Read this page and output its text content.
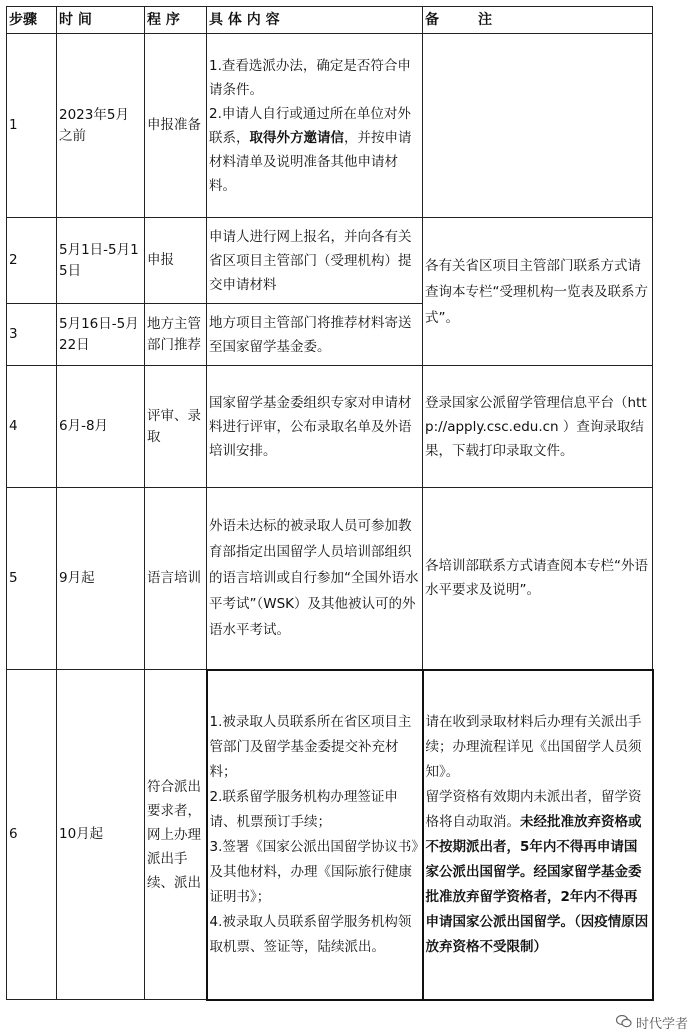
步骤	时 间	程 序	具 体 内 容	备        注
1	2023年5月之前	申报准备	1.查看选派办法，确定是否符合申请条件。
2.申请人自行或通过所在单位对外联系，取得外方邀请信，并按申请材料清单及说明准备其他申请材料。	
2	5月1日-5月15日	申报	申请人进行网上报名，并向各有关省区项目主管部门（受理机构）提交申请材料	各有关省区项目主管部门联系方式请查询本专栏“受理机构一览表及联系方式”。
3	5月16日-5月22日	地方主管部门推荐	地方项目主管部门将推荐材料寄送至国家留学基金委。	
4	6月-8月	评审、录取	国家留学基金委组织专家对申请材料进行评审，公布录取名单及外语培训安排。	登录国家公派留学管理信息平台（http://apply.csc.edu.cn ）查询录取结果，下载打印录取文件。
5	9月起	语言培训	外语未达标的被录取人员可参加教育部指定出国留学人员培训部组织的语言培训或自行参加“全国外语水平考试”（WSK）及其他被认可的外语水平考试。	各培训部联系方式请查阅本专栏“外语水平要求及说明”。
6	10月起	符合派出要求者，网上办理派出手续、派出	1.被录取人员联系所在省区项目主管部门及留学基金委提交补充材料；
2.联系留学服务机构办理签证申请、机票预订手续；
3.签署《国家公派出国留学协议书》及其他材料，办理《国际旅行健康证明书》；
4.被录取人员联系留学服务机构领取机票、签证等，陆续派出。	请在收到录取材料后办理有关派出手续；办理流程详见《出国留学人员须知》。
留学资格有效期内未派出者，留学资格将自动取消。未经批准放弃资格或不按期派出者，5年内不得再申请国家公派出国留学。经国家留学基金委批准放弃留学资格者，2年内不得再申请国家公派出国留学。（因疫情原因放弃资格不受限制）
时代学者
